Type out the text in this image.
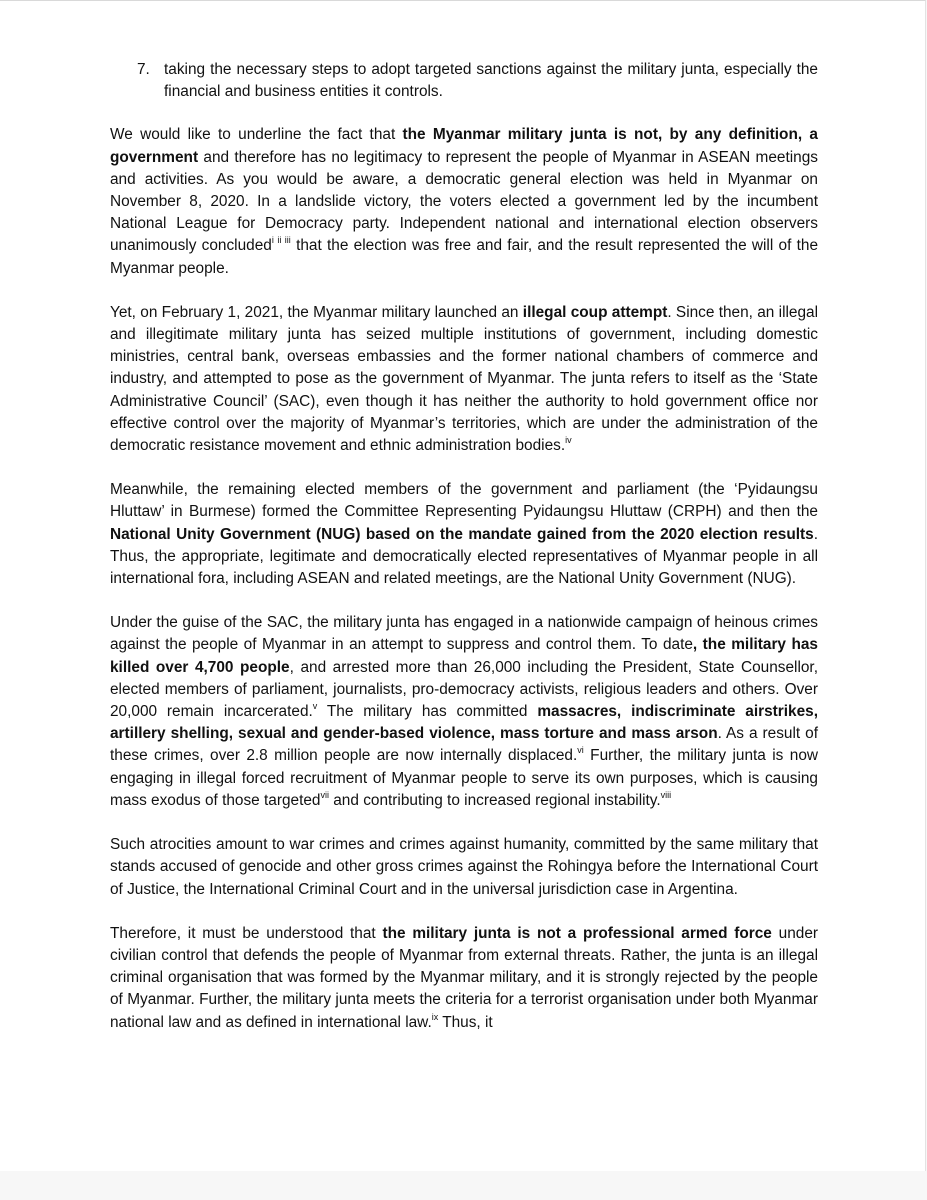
7. taking the necessary steps to adopt targeted sanctions against the military junta, especially the financial and business entities it controls.

We would like to underline the fact that the Myanmar military junta is not, by any definition, a government and therefore has no legitimacy to represent the people of Myanmar in ASEAN meetings and activities. As you would be aware, a democratic general election was held in Myanmar on November 8, 2020. In a landslide victory, the voters elected a government led by the incumbent National League for Democracy party. Independent national and international election observers unanimously concluded$^{i ii iii}$ that the election was free and fair, and the result represented the will of the Myanmar people.

Yet, on February 1, 2021, the Myanmar military launched an illegal coup attempt. Since then, an illegal and illegitimate military junta has seized multiple institutions of government, including domestic ministries, central bank, overseas embassies and the former national chambers of commerce and industry, and attempted to pose as the government of Myanmar. The junta refers to itself as the ‘State Administrative Council’ (SAC), even though it has neither the authority to hold government office nor effective control over the majority of Myanmar’s territories, which are under the administration of the democratic resistance movement and ethnic administration bodies.$^{iv}$

Meanwhile, the remaining elected members of the government and parliament (the ‘Pyidaungsu Hluttaw’ in Burmese) formed the Committee Representing Pyidaungsu Hluttaw (CRPH) and then the National Unity Government (NUG) based on the mandate gained from the 2020 election results. Thus, the appropriate, legitimate and democratically elected representatives of Myanmar people in all international fora, including ASEAN and related meetings, are the National Unity Government (NUG).

Under the guise of the SAC, the military junta has engaged in a nationwide campaign of heinous crimes against the people of Myanmar in an attempt to suppress and control them. To date, the military has killed over 4,700 people, and arrested more than 26,000 including the President, State Counsellor, elected members of parliament, journalists, pro-democracy activists, religious leaders and others. Over 20,000 remain incarcerated.$^v$ The military has committed massacres, indiscriminate airstrikes, artillery shelling, sexual and gender-based violence, mass torture and mass arson. As a result of these crimes, over 2.8 million people are now internally displaced.$^{vi}$ Further, the military junta is now engaging in illegal forced recruitment of Myanmar people to serve its own purposes, which is causing mass exodus of those targeted$^{vii}$ and contributing to increased regional instability.$^{viii}$

Such atrocities amount to war crimes and crimes against humanity, committed by the same military that stands accused of genocide and other gross crimes against the Rohingya before the International Court of Justice, the International Criminal Court and in the universal jurisdiction case in Argentina.

Therefore, it must be understood that the military junta is not a professional armed force under civilian control that defends the people of Myanmar from external threats. Rather, the junta is an illegal criminal organisation that was formed by the Myanmar military, and it is strongly rejected by the people of Myanmar. Further, the military junta meets the criteria for a terrorist organisation under both Myanmar national law and as defined in international law.$^{ix}$ Thus, it
